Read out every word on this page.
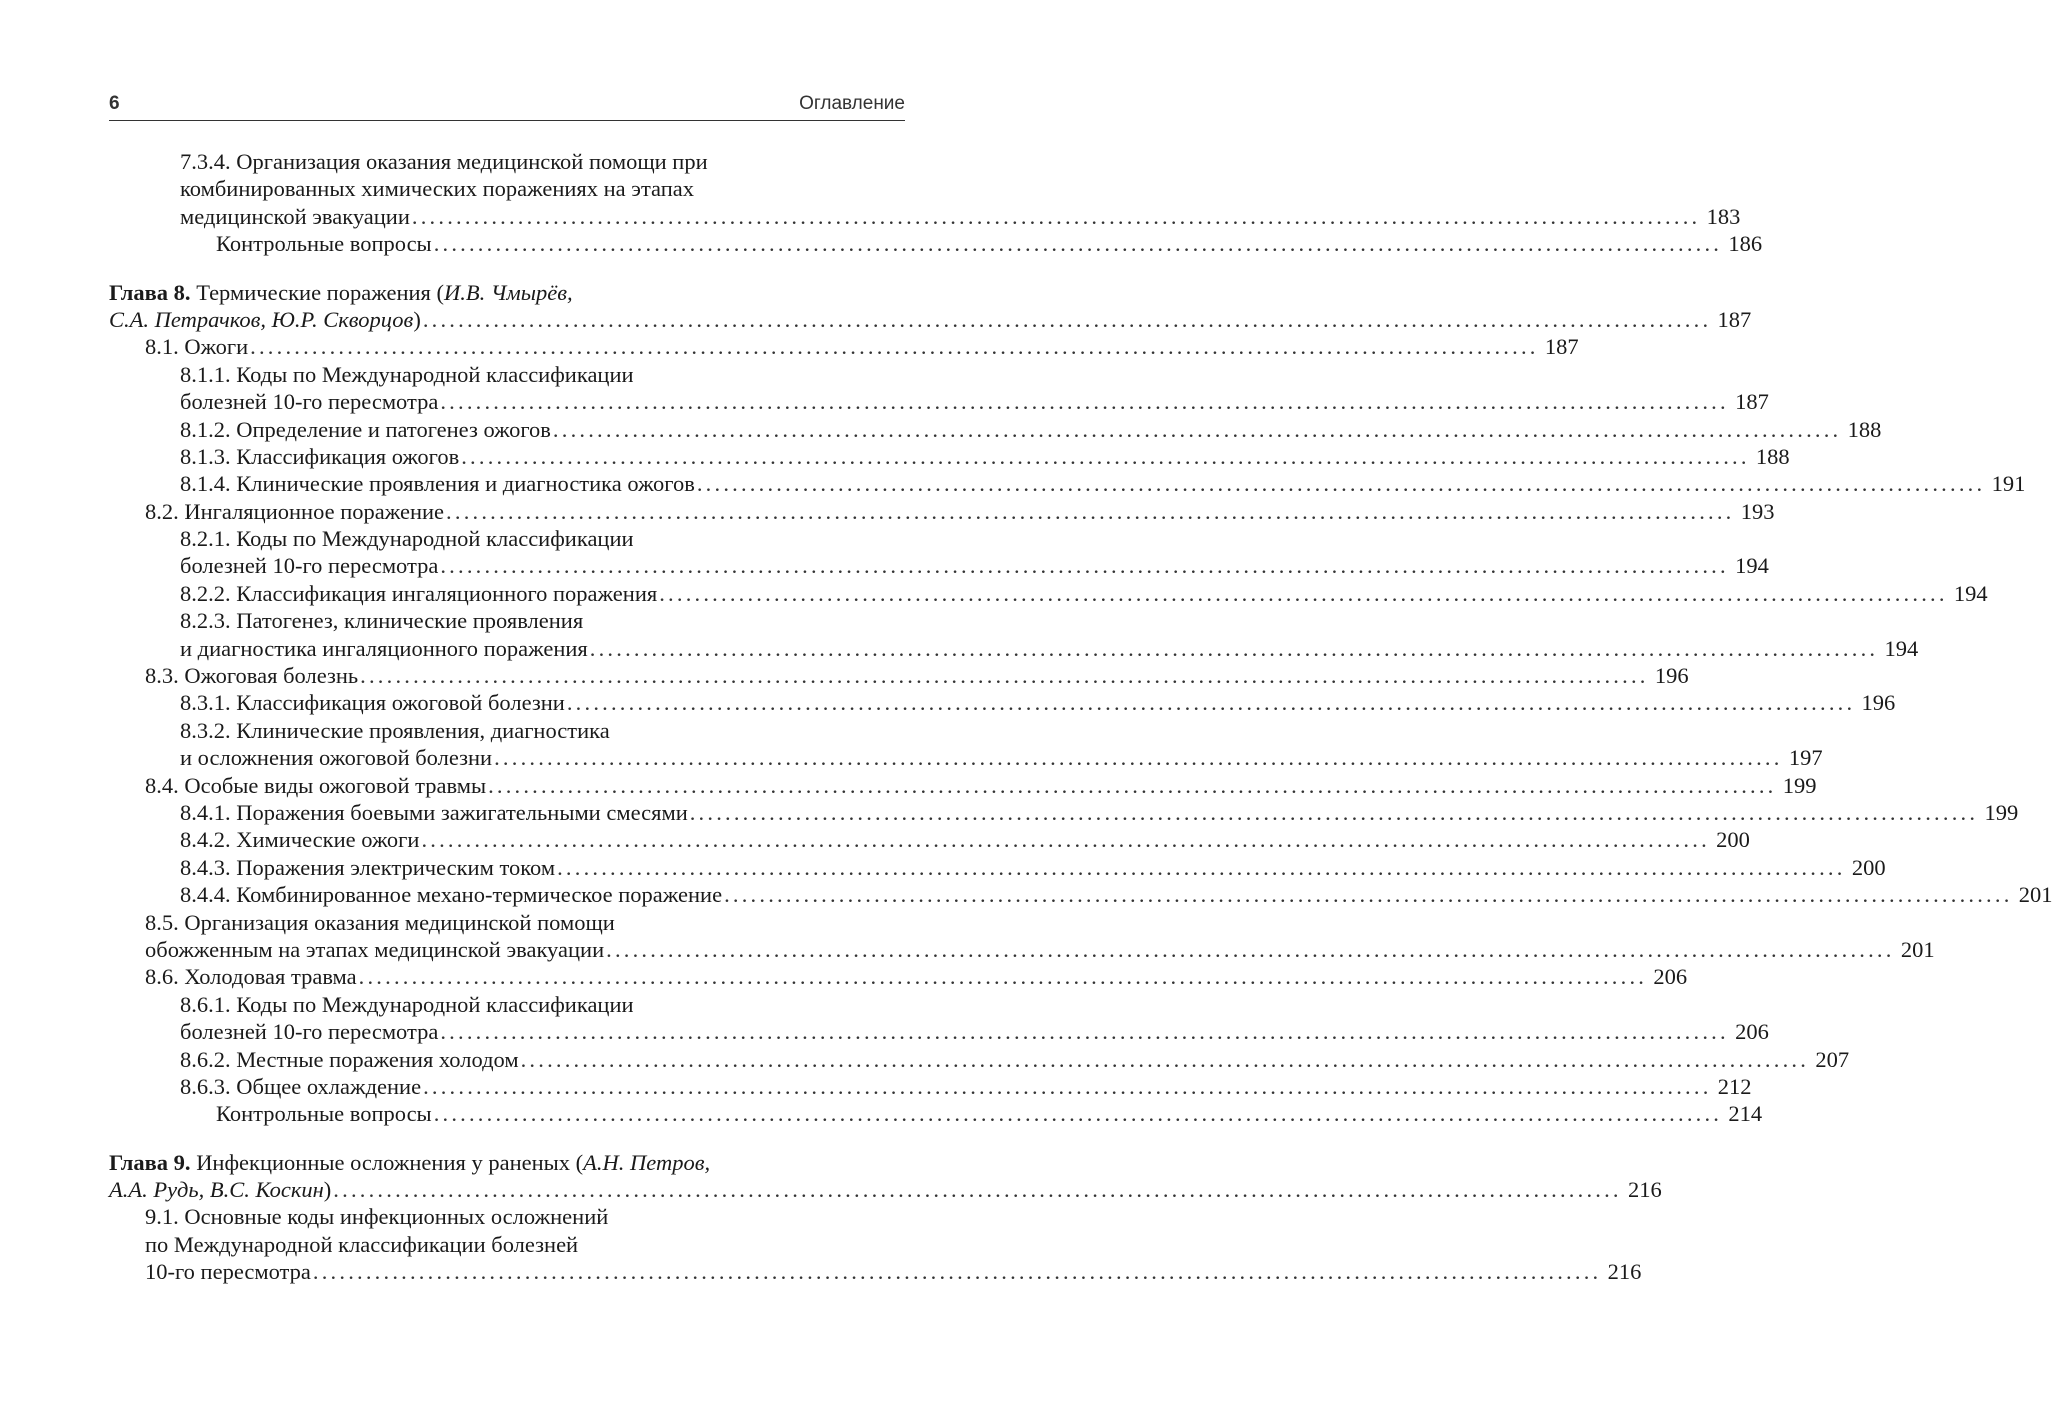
6	Оглавление
7.3.4. Организация оказания медицинской помощи при
комбинированных химических поражениях на этапах
медицинской эвакуации .................................................................................................................................................. 183
Контрольные вопросы .................................................................................................................................................. 186
Глава 8. Термические поражения (И.В. Чмырёв,
С.А. Петрачков, Ю.Р. Скворцов) .................................................................................................................................................. 187
8.1. Ожоги .................................................................................................................................................. 187
8.1.1. Коды по Международной классификации
болезней 10-го пересмотра .................................................................................................................................................. 187
8.1.2. Определение и патогенез ожогов .................................................................................................................................................. 188
8.1.3. Классификация ожогов .................................................................................................................................................. 188
8.1.4. Клинические проявления и диагностика ожогов .................................................................................................................................................. 191
8.2. Ингаляционное поражение .................................................................................................................................................. 193
8.2.1. Коды по Международной классификации
болезней 10-го пересмотра .................................................................................................................................................. 194
8.2.2. Классификация ингаляционного поражения .................................................................................................................................................. 194
8.2.3. Патогенез, клинические проявления
и диагностика ингаляционного поражения .................................................................................................................................................. 194
8.3. Ожоговая болезнь .................................................................................................................................................. 196
8.3.1. Классификация ожоговой болезни .................................................................................................................................................. 196
8.3.2. Клинические проявления, диагностика
и осложнения ожоговой болезни .................................................................................................................................................. 197
8.4. Особые виды ожоговой травмы .................................................................................................................................................. 199
8.4.1. Поражения боевыми зажигательными смесями .................................................................................................................................................. 199
8.4.2. Химические ожоги .................................................................................................................................................. 200
8.4.3. Поражения электрическим током .................................................................................................................................................. 200
8.4.4. Комбинированное механо-термическое поражение .................................................................................................................................................. 201
8.5. Организация оказания медицинской помощи
обожженным на этапах медицинской эвакуации .................................................................................................................................................. 201
8.6. Холодовая травма .................................................................................................................................................. 206
8.6.1. Коды по Международной классификации
болезней 10-го пересмотра .................................................................................................................................................. 206
8.6.2. Местные поражения холодом .................................................................................................................................................. 207
8.6.3. Общее охлаждение .................................................................................................................................................. 212
Контрольные вопросы .................................................................................................................................................. 214
Глава 9. Инфекционные осложнения у раненых (А.Н. Петров,
А.А. Рудь, В.С. Коскин) .................................................................................................................................................. 216
9.1. Основные коды инфекционных осложнений
по Международной классификации болезней
10-го пересмотра .................................................................................................................................................. 216
